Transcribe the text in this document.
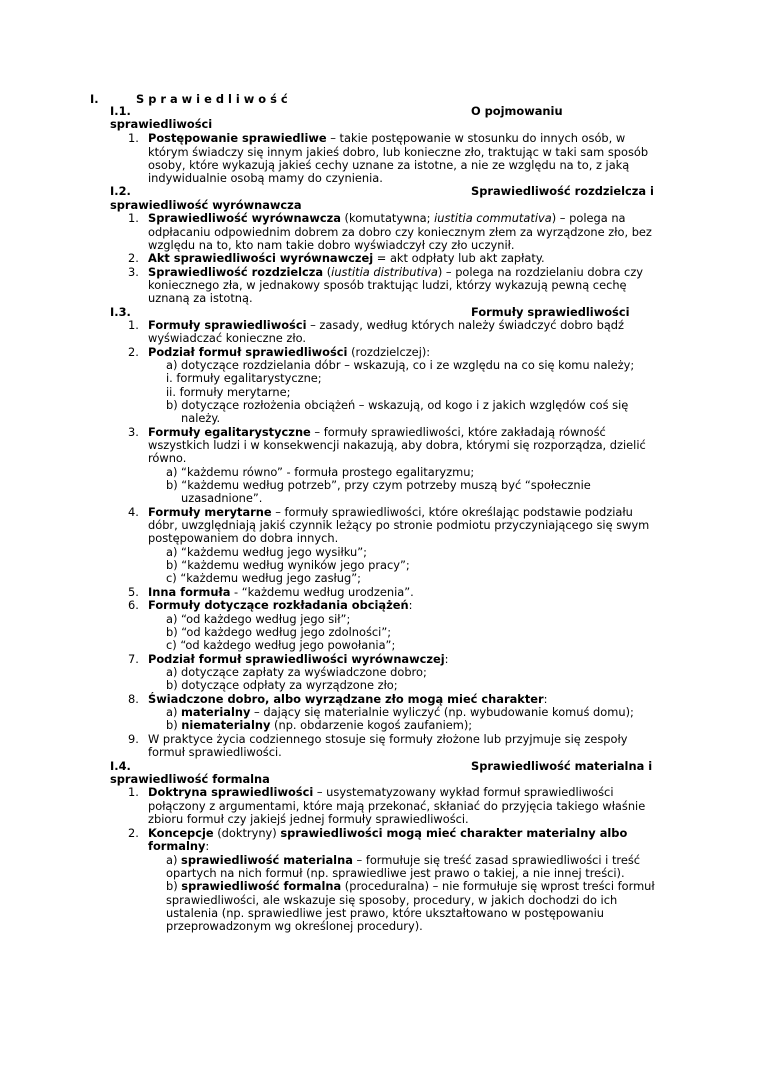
I.	Sprawiedliwość
I.1.	O pojmowaniu
sprawiedliwości
1. Postępowanie sprawiedliwe – takie postępowanie w stosunku do innych osób, w
którym świadczy się innym jakieś dobro, lub konieczne zło, traktując w taki sam sposób
osoby, które wykazują jakieś cechy uznane za istotne, a nie ze względu na to, z jaką
indywidualnie osobą mamy do czynienia.
I.2.	Sprawiedliwość rozdzielcza i
sprawiedliwość wyrównawcza
1. Sprawiedliwość wyrównawcza (komutatywna; iustitia commutativa) – polega na
odpłacaniu odpowiednim dobrem za dobro czy koniecznym złem za wyrządzone zło, bez
względu na to, kto nam takie dobro wyświadczył czy zło uczynił.
2. Akt sprawiedliwości wyrównawczej = akt odpłaty lub akt zapłaty.
3. Sprawiedliwość rozdzielcza (iustitia distributiva) – polega na rozdzielaniu dobra czy
koniecznego zła, w jednakowy sposób traktując ludzi, którzy wykazują pewną cechę
uznaną za istotną.
I.3.	Formuły sprawiedliwości
1. Formuły sprawiedliwości – zasady, według których należy świadczyć dobro bądź
wyświadczać konieczne zło.
2. Podział formuł sprawiedliwości (rozdzielczej):
a) dotyczące rozdzielania dóbr – wskazują, co i ze względu na co się komu należy;
i. formuły egalitarystyczne;
ii. formuły merytarne;
b) dotyczące rozłożenia obciążeń – wskazują, od kogo i z jakich względów coś się
należy.
3. Formuły egalitarystyczne – formuły sprawiedliwości, które zakładają równość
wszystkich ludzi i w konsekwencji nakazują, aby dobra, którymi się rozporządza, dzielić
równo.
a) “każdemu równo” - formuła prostego egalitaryzmu;
b) “każdemu według potrzeb”, przy czym potrzeby muszą być “społecznie
uzasadnione”.
4. Formuły merytarne – formuły sprawiedliwości, które określając podstawie podziału
dóbr, uwzględniają jakiś czynnik leżący po stronie podmiotu przyczyniającego się swym
postępowaniem do dobra innych.
a) “każdemu według jego wysiłku”;
b) “każdemu według wyników jego pracy”;
c) “każdemu według jego zasług”;
5. Inna formuła - “każdemu według urodzenia”.
6. Formuły dotyczące rozkładania obciążeń:
a) “od każdego według jego sił”;
b) “od każdego według jego zdolności”;
c) “od każdego według jego powołania”;
7. Podział formuł sprawiedliwości wyrównawczej:
a) dotyczące zapłaty za wyświadczone dobro;
b) dotyczące odpłaty za wyrządzone zło;
8. Świadczone dobro, albo wyrządzane zło mogą mieć charakter:
a) materialny – dający się materialnie wyliczyć (np. wybudowanie komuś domu);
b) niematerialny (np. obdarzenie kogoś zaufaniem);
9. W praktyce życia codziennego stosuje się formuły złożone lub przyjmuje się zespoły
formuł sprawiedliwości.
I.4.	Sprawiedliwość materialna i
sprawiedliwość formalna
1. Doktryna sprawiedliwości – usystematyzowany wykład formuł sprawiedliwości
połączony z argumentami, które mają przekonać, skłaniać do przyjęcia takiego właśnie
zbioru formuł czy jakiejś jednej formuły sprawiedliwości.
2. Koncepcje (doktryny) sprawiedliwości mogą mieć charakter materialny albo
formalny:
a) sprawiedliwość materialna – formułuje się treść zasad sprawiedliwości i treść
opartych na nich formuł (np. sprawiedliwe jest prawo o takiej, a nie innej treści).
b) sprawiedliwość formalna (proceduralna) – nie formułuje się wprost treści formuł
sprawiedliwości, ale wskazuje się sposoby, procedury, w jakich dochodzi do ich
ustalenia (np. sprawiedliwe jest prawo, które ukształtowano w postępowaniu
przeprowadzonym wg określonej procedury).
